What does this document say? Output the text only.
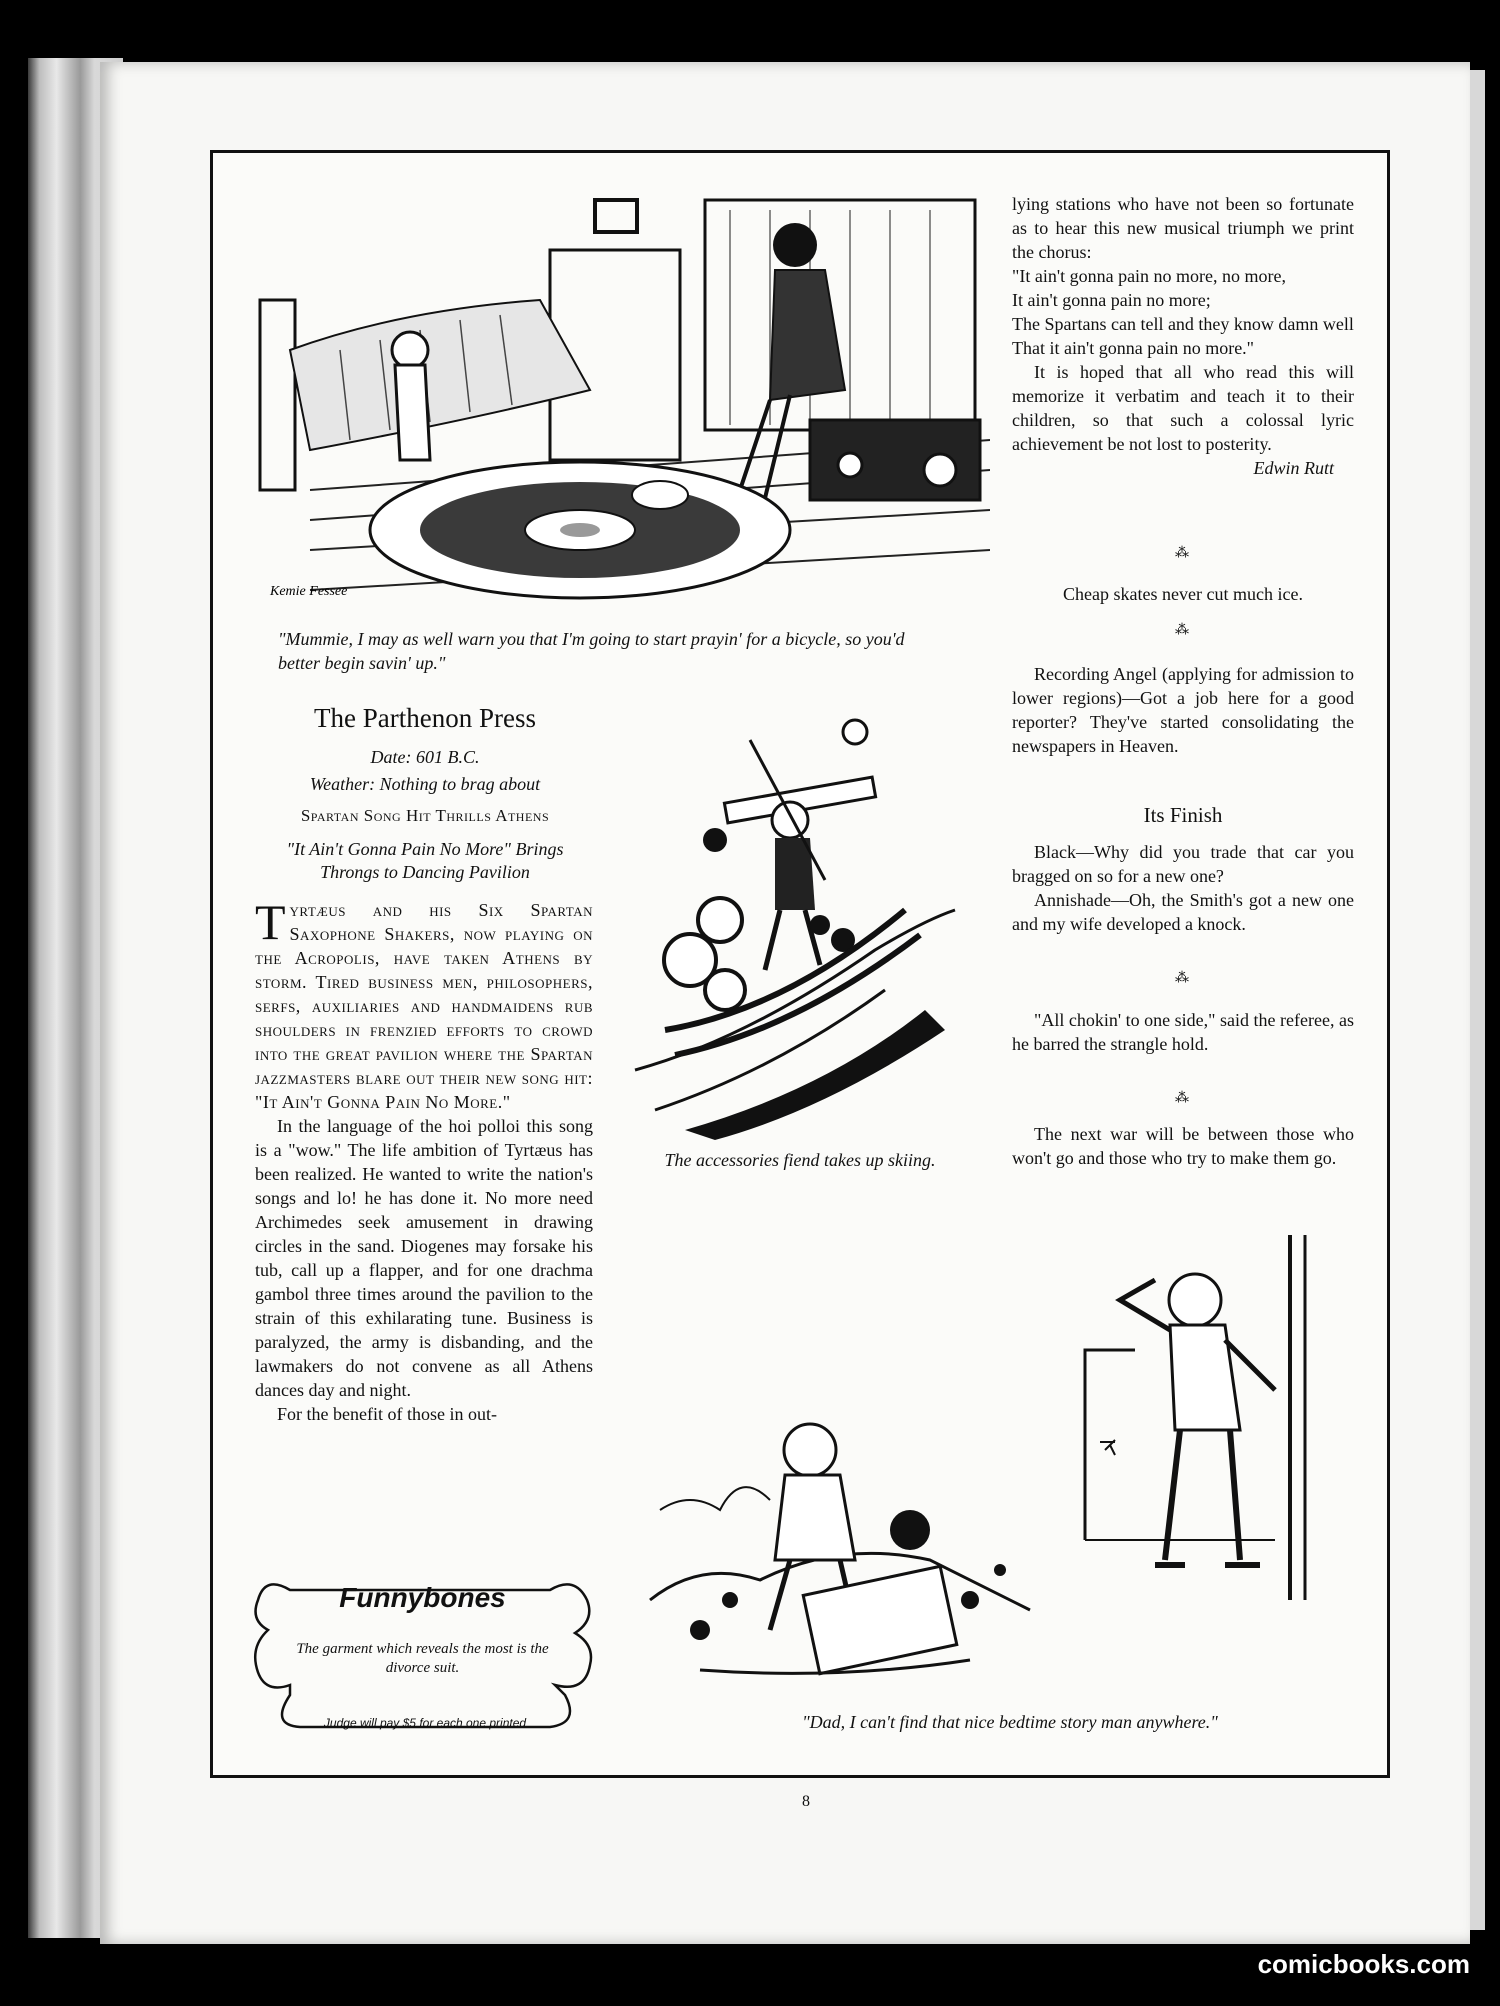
Kemie Fessee
"Mummie, I may as well warn you that I'm going to start prayin' for a bicycle, so you'd better begin savin' up."
The Parthenon Press
Date: 601 B.C.
Weather: Nothing to brag about
Spartan Song Hit Thrills Athens
"It Ain't Gonna Pain No More" Brings Throngs to Dancing Pavilion

Tyrtæus and his Six Spartan Saxophone Shakers, now playing on the Acropolis, have taken Athens by storm. Tired business men, philosophers, serfs, auxiliaries and handmaidens rub shoulders in frenzied efforts to crowd into the great pavilion where the Spartan jazzmasters blare out their new song hit: "It Ain't Gonna Pain No More."

In the language of the hoi polloi this song is a "wow." The life ambition of Tyrtæus has been realized. He wanted to write the nation's songs and lo! he has done it. No more need Archimedes seek amusement in drawing circles in the sand. Diogenes may forsake his tub, call up a flapper, and for one drachma gambol three times around the pavilion to the strain of this exhilarating tune. Business is paralyzed, the army is disbanding, and the lawmakers do not convene as all Athens dances day and night.

For the benefit of those in out-

Funnybones
The garment which reveals the most is the divorce suit.
Judge will pay $5 for each one printed
The accessories fiend takes up skiing.

lying stations who have not been so fortunate as to hear this new musical triumph we print the chorus:

"It ain't gonna pain no more, no more,

It ain't gonna pain no more;

The Spartans can tell and they know damn well

That it ain't gonna pain no more."

It is hoped that all who read this will memorize it verbatim and teach it to their children, so that such a colossal lyric achievement be not lost to posterity.

Edwin Rutt

⁂
Cheap skates never cut much ice.
⁂
Recording Angel (applying for admission to lower regions)—Got a job here for a good reporter? They've started consolidating the newspapers in Heaven.
Its Finish

Black—Why did you trade that car you bragged on so for a new one?

Annishade—Oh, the Smith's got a new one and my wife developed a knock.

⁂
"All chokin' to one side," said the referee, as he barred the strangle hold.
⁂
The next war will be between those who won't go and those who try to make them go.
"Dad, I can't find that nice bedtime story man anywhere."
8
comicbooks.com
